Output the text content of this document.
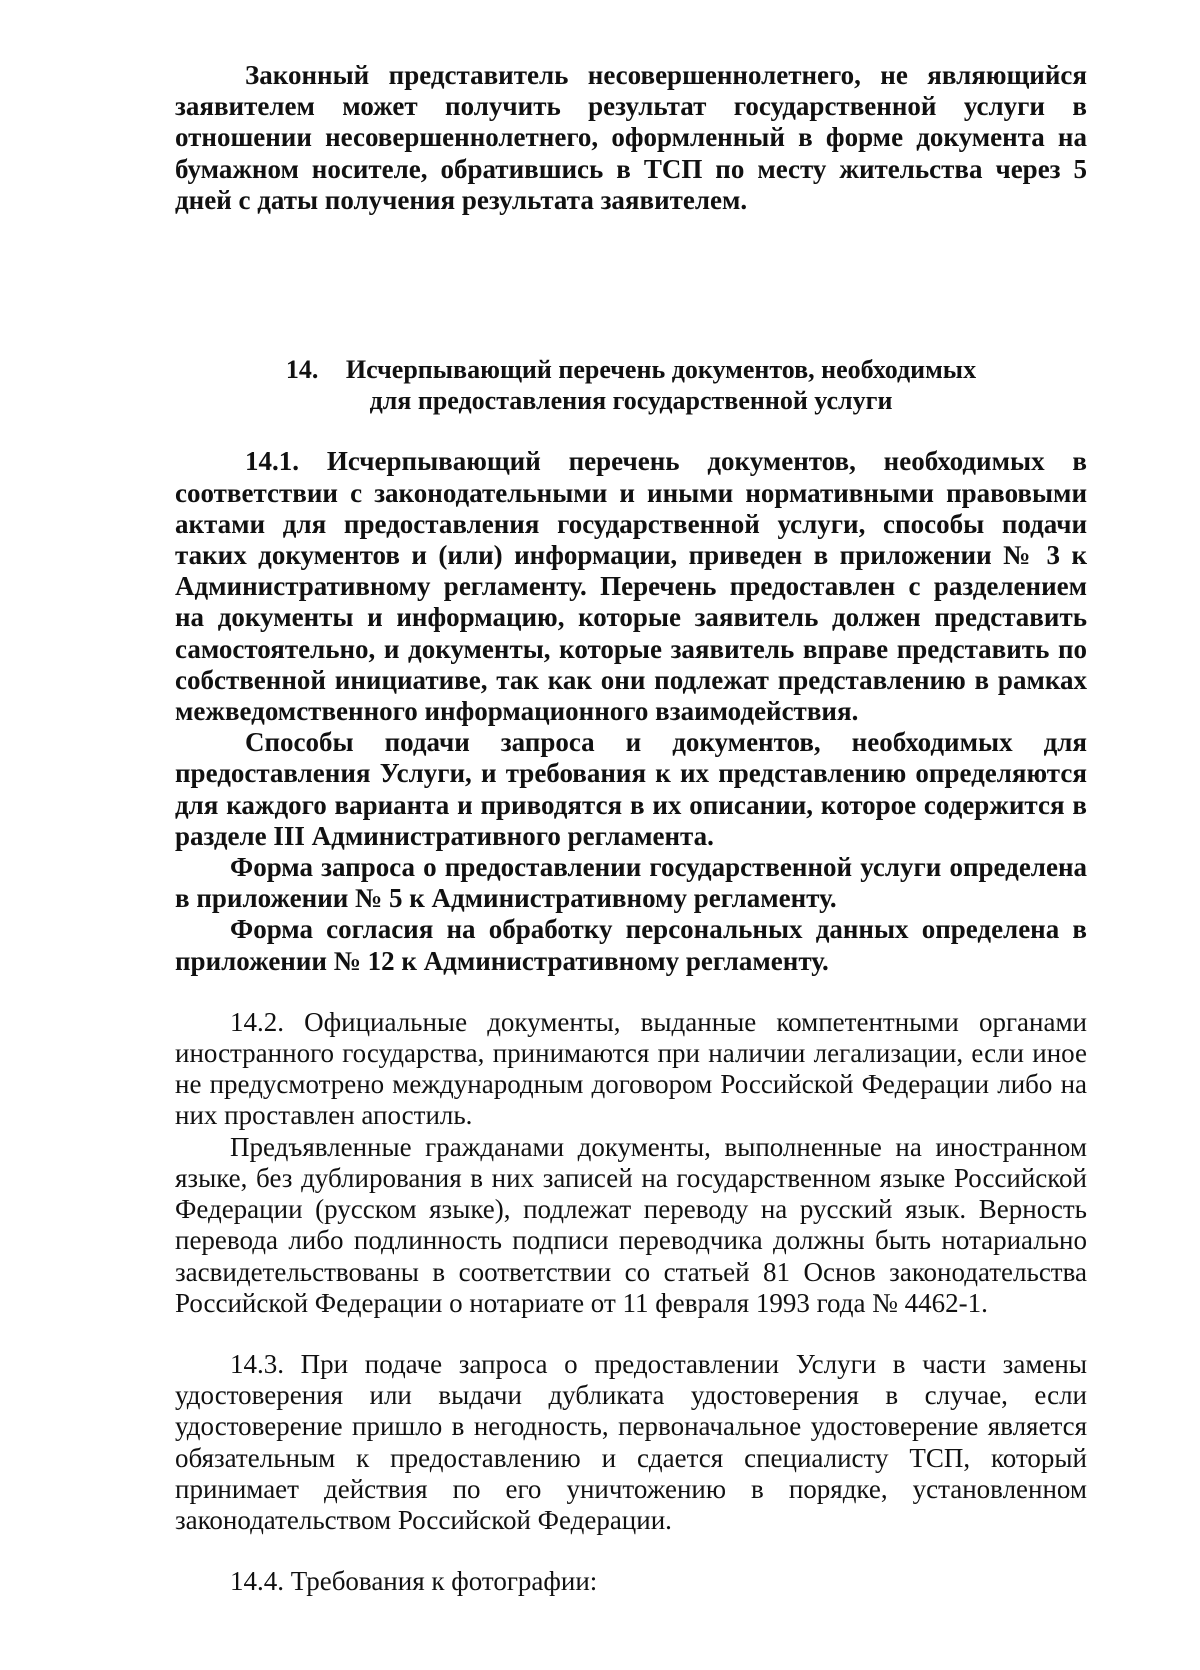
Законный представитель несовершеннолетнего, не являющийся заявителем может получить результат государственной услуги в отношении несовершеннолетнего, оформленный в форме документа на бумажном носителе, обратившись в ТСП по месту жительства через 5 дней с даты получения результата заявителем.

14. Исчерпывающий перечень документов, необходимых

для предоставления государственной услуги

14.1. Исчерпывающий перечень документов, необходимых в соответствии с законодательными и иными нормативными правовыми актами для предоставления государственной услуги, способы подачи таких документов и (или) информации, приведен в приложении № 3 к Административному регламенту. Перечень предоставлен с разделением на документы и информацию, которые заявитель должен представить самостоятельно, и документы, которые заявитель вправе представить по собственной инициативе, так как они подлежат представлению в рамках межведомственного информационного взаимодействия.

Способы подачи запроса и документов, необходимых для предоставления Услуги, и требования к их представлению определяются для каждого варианта и приводятся в их описании, которое содержится в разделе III Административного регламента.

Форма запроса о предоставлении государственной услуги определена в приложении № 5 к Административному регламенту.

Форма согласия на обработку персональных данных определена в приложении № 12 к Административному регламенту.

14.2. Официальные документы, выданные компетентными органами иностранного государства, принимаются при наличии легализации, если иное не предусмотрено международным договором Российской Федерации либо на них проставлен апостиль.

Предъявленные гражданами документы, выполненные на иностранном языке, без дублирования в них записей на государственном языке Российской Федерации (русском языке), подлежат переводу на русский язык. Верность перевода либо подлинность подписи переводчика должны быть нотариально засвидетельствованы в соответствии со статьей 81 Основ законодательства Российской Федерации о нотариате от 11 февраля 1993 года № 4462-1.

14.3. При подаче запроса о предоставлении Услуги в части замены удостоверения или выдачи дубликата удостоверения в случае, если удостоверение пришло в негодность, первоначальное удостоверение является обязательным к предоставлению и сдается специалисту ТСП, который принимает действия по его уничтожению в порядке, установленном законодательством Российской Федерации.

14.4. Требования к фотографии:
